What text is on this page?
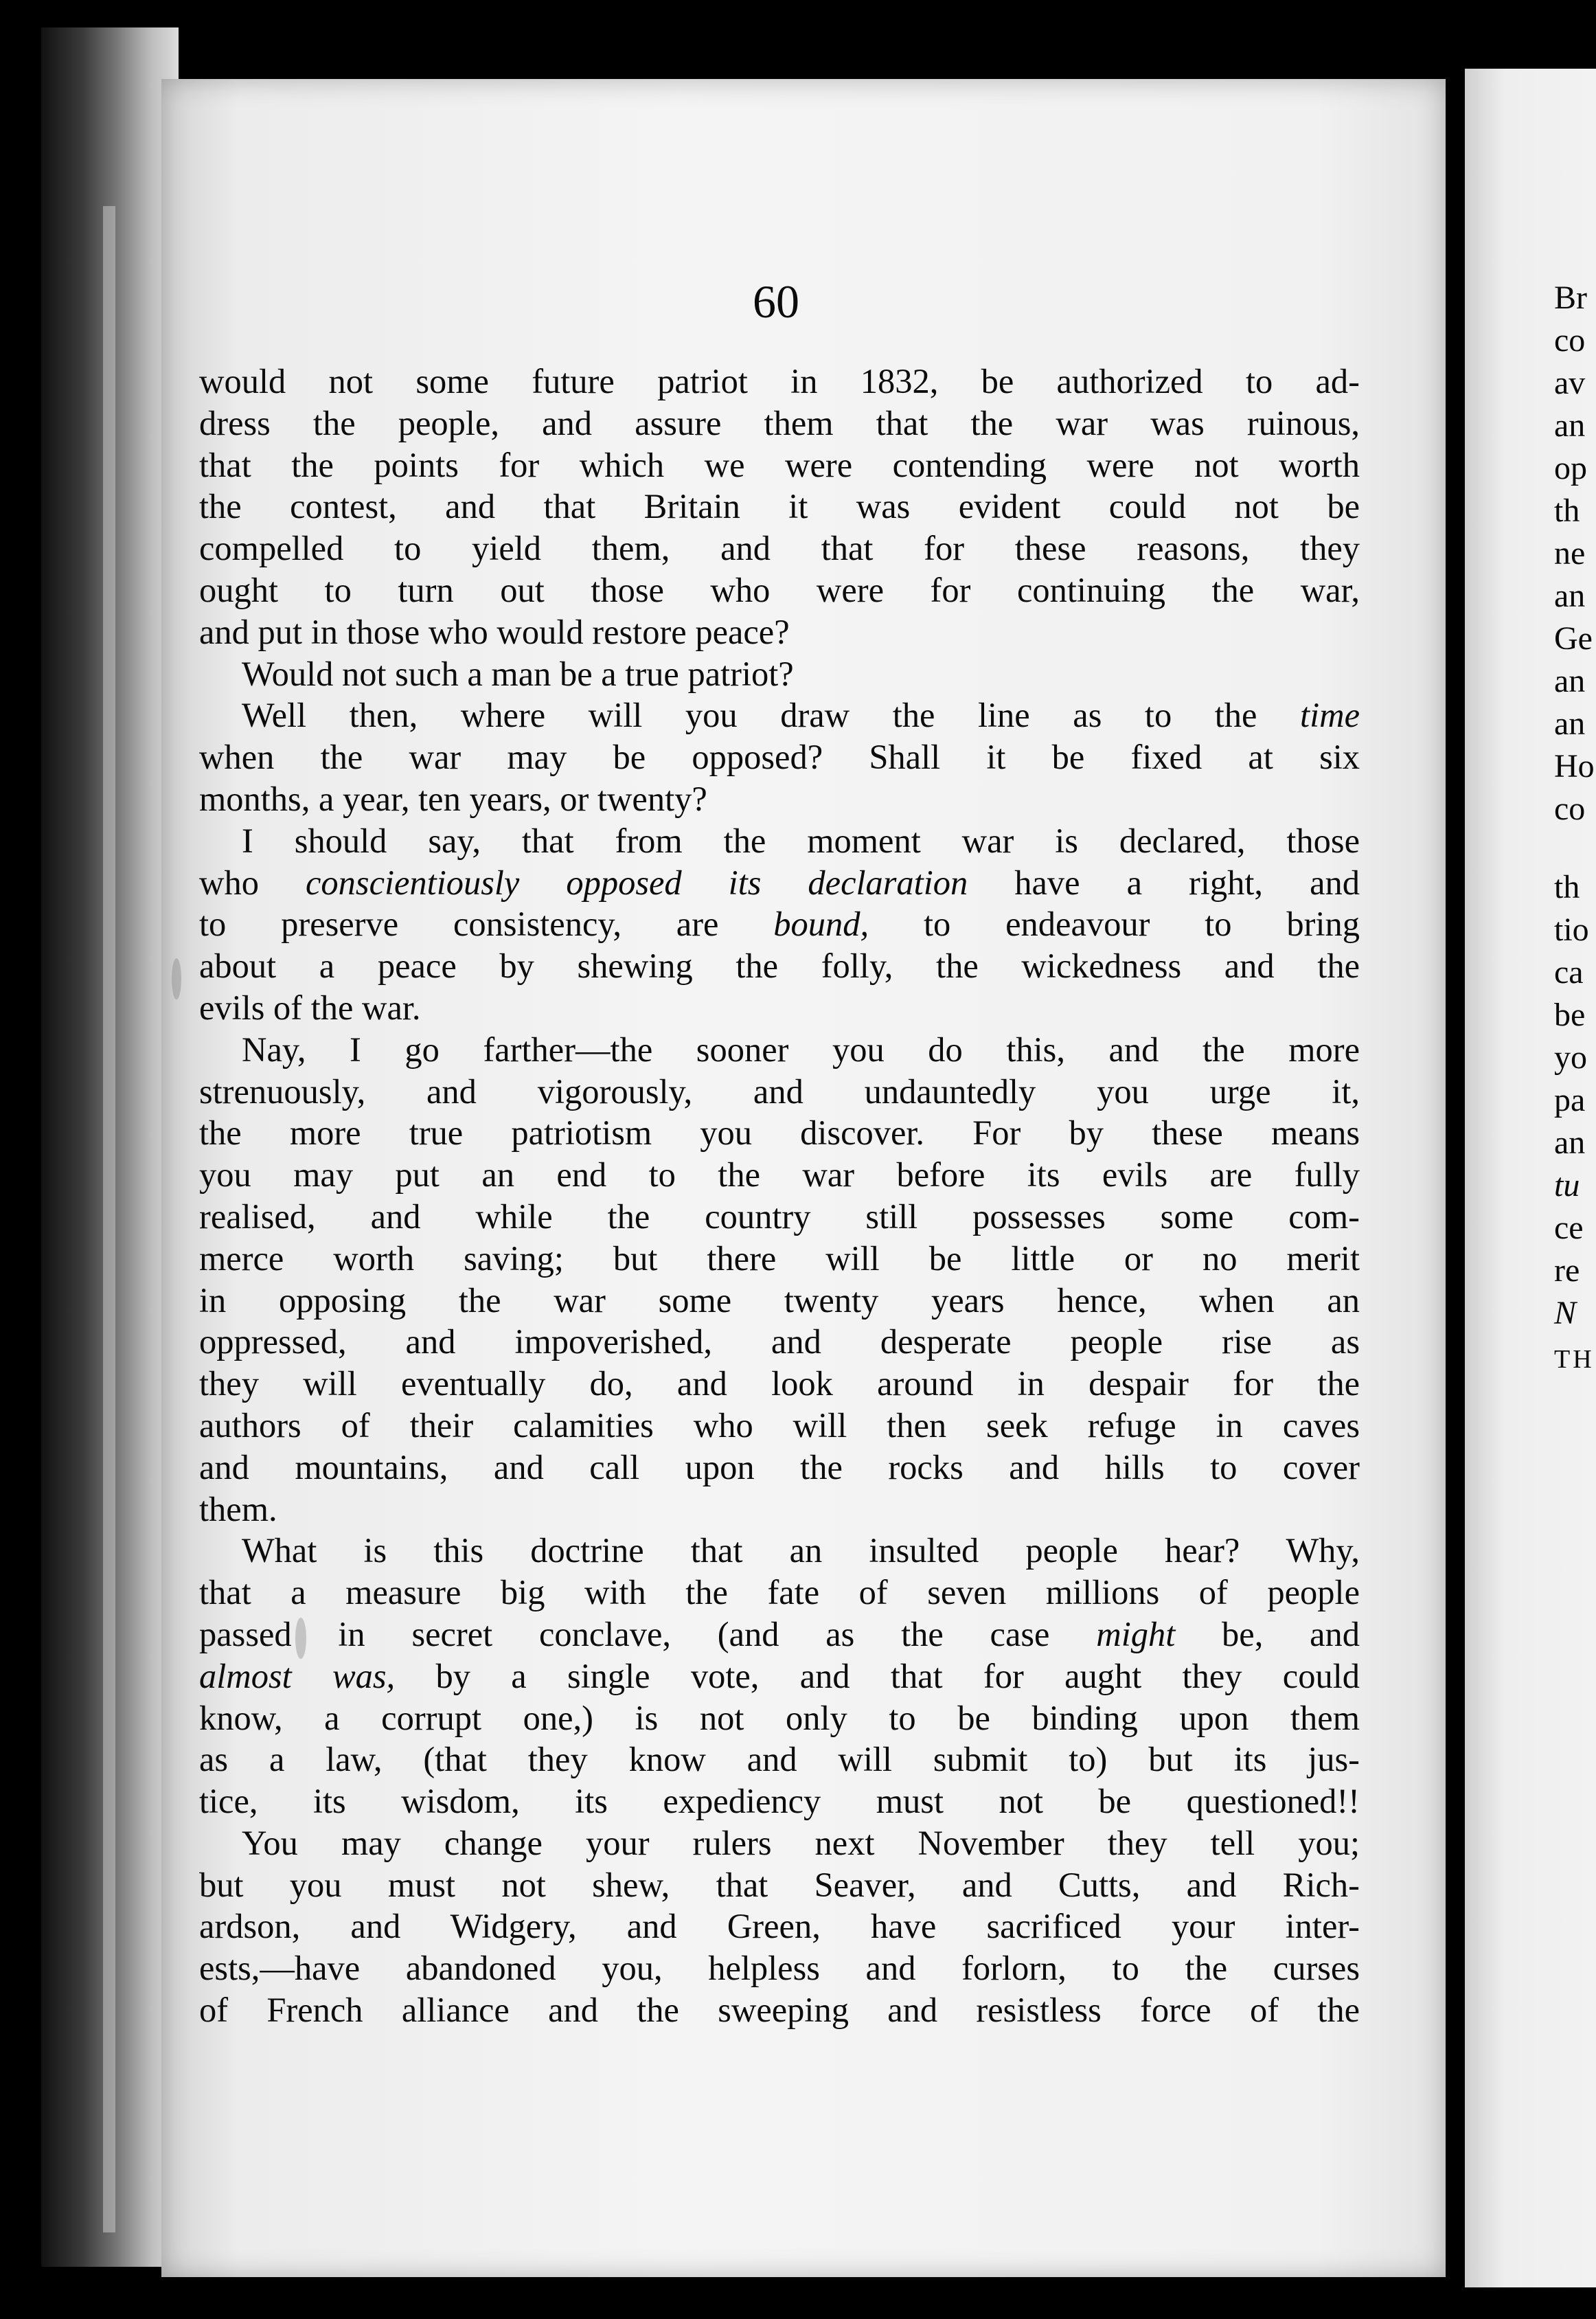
60
would not some future patriot in 1832, be authorized to ad-
dress the people, and assure them that the war was ruinous,
that the points for which we were contending were not worth
the contest, and that Britain it was evident could not be
compelled to yield them, and that for these reasons, they
ought to turn out those who were for continuing the war,
and put in those who would restore peace?
Would not such a man be a true patriot?
Well then, where will you draw the line as to the time
when the war may be opposed? Shall it be fixed at six
months, a year, ten years, or twenty?
I should say, that from the moment war is declared, those
who conscientiously opposed its declaration have a right, and
to preserve consistency, are bound, to endeavour to bring
about a peace by shewing the folly, the wickedness and the
evils of the war.
Nay, I go farther—the sooner you do this, and the more
strenuously, and vigorously, and undauntedly you urge it,
the more true patriotism you discover. For by these means
you may put an end to the war before its evils are fully
realised, and while the country still possesses some com-
merce worth saving; but there will be little or no merit
in opposing the war some twenty years hence, when an
oppressed, and impoverished, and desperate people rise as
they will eventually do, and look around in despair for the
authors of their calamities who will then seek refuge in caves
and mountains, and call upon the rocks and hills to cover
them.
What is this doctrine that an insulted people hear? Why,
that a measure big with the fate of seven millions of people
passed in secret conclave, (and as the case might be, and
almost was, by a single vote, and that for aught they could
know, a corrupt one,) is not only to be binding upon them
as a law, (that they know and will submit to) but its jus-
tice, its wisdom, its expediency must not be questioned!!
You may change your rulers next November they tell you;
but you must not shew, that Seaver, and Cutts, and Rich-
ardson, and Widgery, and Green, have sacrificed your inter-
ests,—have abandoned you, helpless and forlorn, to the curses
of French alliance and the sweeping and resistless force of the
Br
co
av
an
op
th
ne
an
Ge
an
an
Ho
co
th
tio
ca
be
yo
pa
an
tu
ce
re
N
TH
